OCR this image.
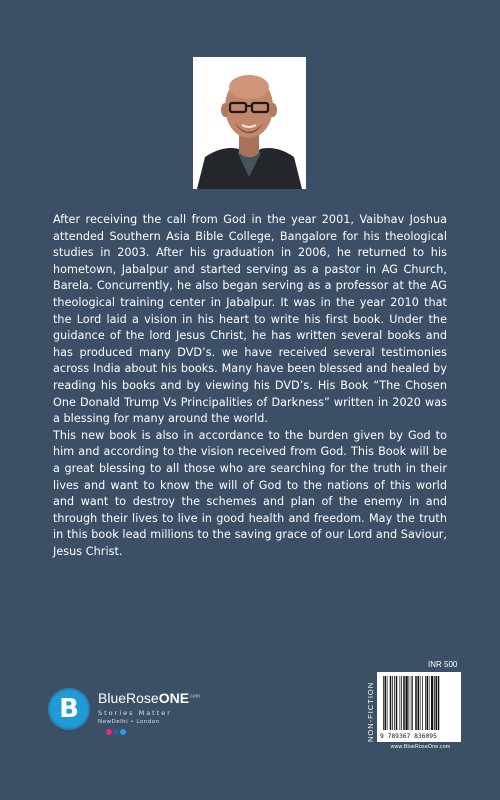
After receiving the call from God in the year 2001, Vaibhav Joshua attended Southern Asia Bible College, Bangalore for his theological studies in 2003. After his graduation in 2006, he returned to his hometown, Jabalpur and started serving as a pastor in AG Church, Barela. Concurrently, he also began serving as a professor at the AG theological training center in Jabalpur. It was in the year 2010 that the Lord laid a vision in his heart to write his first book. Under the guidance of the lord Jesus Christ, he has written several books and has produced many DVD’s. we have received several testimonies across India about his books. Many have been blessed and healed by reading his books and by viewing his DVD’s. His Book “The Chosen One Donald Trump Vs Principalities of Darkness” written in 2020 was a blessing for many around the world.

This new book is also in accordance to the burden given by God to him and according to the vision received from God. This Book will be a great blessing to all those who are searching for the truth in their lives and want to know the will of God to the nations of this world and want to destroy the schemes and plan of the enemy in and through their lives to live in good health and freedom. May the truth in this book lead millions to the saving grace of our Lord and Saviour, Jesus Christ.

B	BlueRoseONE$^{.com}$
Stories Matter
NewDelhi • London
INR 500
NON-FICTION 9 789367 836095
www.BlueRoseOne.com
